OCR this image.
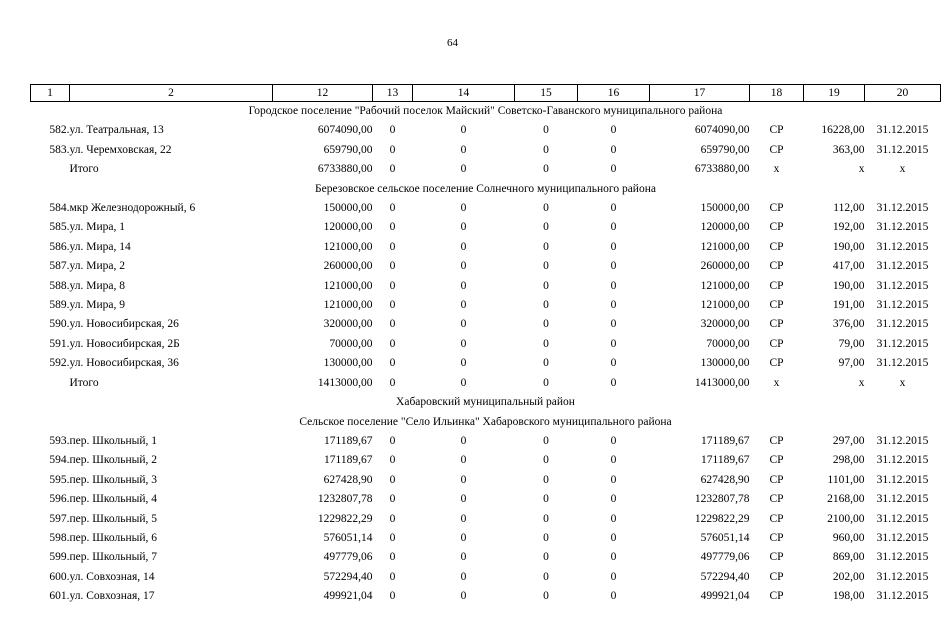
64
1	2	12	13	14	15	16	17	18	19	20
Городское поселение "Рабочий поселок Майский" Советско-Гаванского муниципального района										
582.	ул. Театральная, 13	6074090,00	0	0	0	0	6074090,00	СР	16228,00	31.12.2015
583.	ул. Черемховская, 22	659790,00	0	0	0	0	659790,00	СР	363,00	31.12.2015
	Итого	6733880,00	0	0	0	0	6733880,00	х	х	х
Березовское сельское поселение Солнечного муниципального района										
584.	мкр Железнодорожный, 6	150000,00	0	0	0	0	150000,00	СР	112,00	31.12.2015
585.	ул. Мира, 1	120000,00	0	0	0	0	120000,00	СР	192,00	31.12.2015
586.	ул. Мира, 14	121000,00	0	0	0	0	121000,00	СР	190,00	31.12.2015
587.	ул. Мира, 2	260000,00	0	0	0	0	260000,00	СР	417,00	31.12.2015
588.	ул. Мира, 8	121000,00	0	0	0	0	121000,00	СР	190,00	31.12.2015
589.	ул. Мира, 9	121000,00	0	0	0	0	121000,00	СР	191,00	31.12.2015
590.	ул. Новосибирская, 26	320000,00	0	0	0	0	320000,00	СР	376,00	31.12.2015
591.	ул. Новосибирская, 2Б	70000,00	0	0	0	0	70000,00	СР	79,00	31.12.2015
592.	ул. Новосибирская, 36	130000,00	0	0	0	0	130000,00	СР	97,00	31.12.2015
	Итого	1413000,00	0	0	0	0	1413000,00	х	х	х
Хабаровский муниципальный район										
Сельское поселение "Село Ильинка" Хабаровского муниципального района										
593.	пер. Школьный, 1	171189,67	0	0	0	0	171189,67	СР	297,00	31.12.2015
594.	пер. Школьный, 2	171189,67	0	0	0	0	171189,67	СР	298,00	31.12.2015
595.	пер. Школьный, 3	627428,90	0	0	0	0	627428,90	СР	1101,00	31.12.2015
596.	пер. Школьный, 4	1232807,78	0	0	0	0	1232807,78	СР	2168,00	31.12.2015
597.	пер. Школьный, 5	1229822,29	0	0	0	0	1229822,29	СР	2100,00	31.12.2015
598.	пер. Школьный, 6	576051,14	0	0	0	0	576051,14	СР	960,00	31.12.2015
599.	пер. Школьный, 7	497779,06	0	0	0	0	497779,06	СР	869,00	31.12.2015
600.	ул. Совхозная, 14	572294,40	0	0	0	0	572294,40	СР	202,00	31.12.2015
601.	ул. Совхозная, 17	499921,04	0	0	0	0	499921,04	СР	198,00	31.12.2015
